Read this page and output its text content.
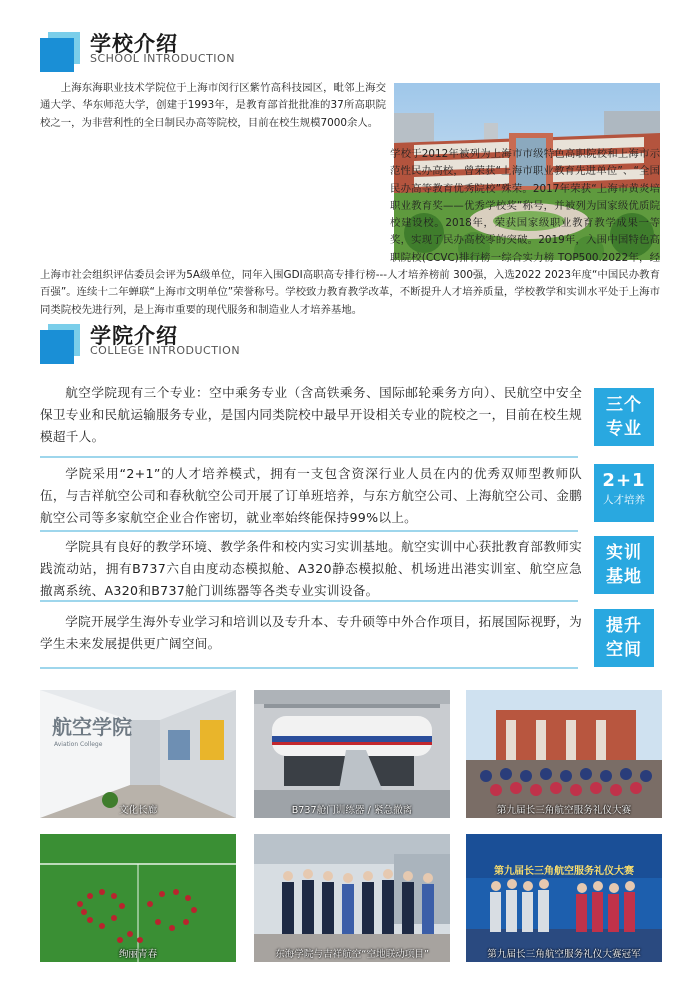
学校介绍
SCHOOL INTRODUCTION
上海东海职业技术学院位于上海市闵行区紫竹高科技园区，毗邻上海交通大学、华东师范大学，创建于1993年，是教育部首批批准的37所高职院校之一，为非营利性的全日制民办高等院校，目前在校生规模7000余人。
学校于2012年被列为上海市市级特色高职院校和上海市示范性民办高校，曾荣获“上海市职业教育先进单位”、“全国民办高等教育优秀院校”殊荣。2017年荣获“上海市黄炎培职业教育奖——优秀学校奖”称号，并被列为国家级优质院校建设校。2018年，荣获国家级职业教育教学成果一等奖，实现了民办高校零的突破。2019年，入围中国特色高职院校(CCVC)排行榜一综合实力榜 TOP500.2022年，经上海市社会组织评估委员会评为5A级单位，同年入围GDI高职高专排行榜---人才培养榜前 300强，入选2022 2023年度“中国民办教育百强”。连续十二年蝉联“上海市文明单位”荣誉称号。学校致力教育教学改革，不断提升人才培养质量，学校教学和实训水平处于上海市同类院校先进行列，是上海市重要的现代服务和制造业人才培养基地。
学院介绍
COLLEGE INTRODUCTION
航空学院现有三个专业：空中乘务专业（含高铁乘务、国际邮轮乘务方向）、民航空中安全保卫专业和民航运输服务专业，是国内同类院校中最早开设相关专业的院校之一，目前在校生规模超千人。
三个
专业
学院采用“2+1”的人才培养模式，拥有一支包含资深行业人员在内的优秀双师型教师队伍，与吉祥航空公司和春秋航空公司开展了订单班培养，与东方航空公司、上海航空公司、金鹏航空公司等多家航空企业合作密切，就业率始终能保持99%以上。
2+1
人才培养
学院具有良好的教学环境、教学条件和校内实习实训基地。航空实训中心获批教育部教师实践流动站，拥有B737六自由度动态模拟舱、A320静态模拟舱、机场进出港实训室、航空应急撤离系统、A320和B737舱门训练器等各类专业实训设备。
实训
基地
学院开展学生海外专业学习和培训以及专升本、专升硕等中外合作项目，拓展国际视野，为学生未来发展提供更广阔空间。
提升
空间
航空学院
Aviation College
文化长廊	B737舱门训练器 / 紧急撤离	第九届长三角航空服务礼仪大赛
绚丽青春	东海学院与吉祥航空“空地联动项目”
第九届长三角航空服务礼仪大赛
第九届长三角航空服务礼仪大赛冠军
